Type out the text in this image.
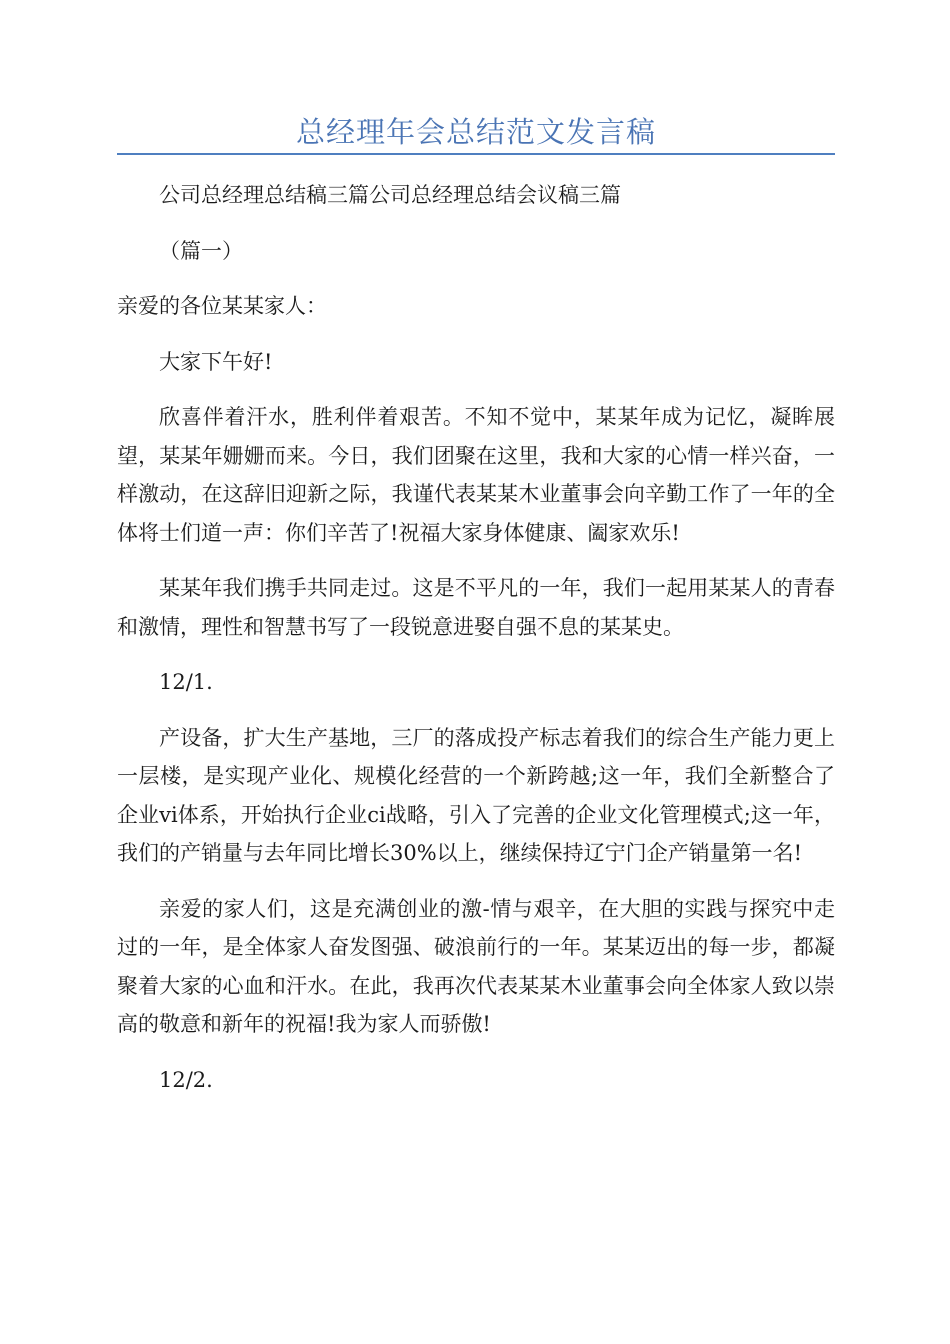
总经理年会总结范文发言稿

公司总经理总结稿三篇公司总经理总结会议稿三篇

（篇一）

亲爱的各位某某家人：

大家下午好!

欣喜伴着汗水，胜利伴着艰苦。不知不觉中，某某年成为记忆，凝眸展望，某某年姗姗而来。今日，我们团聚在这里，我和大家的心情一样兴奋，一样激动，在这辞旧迎新之际，我谨代表某某木业董事会向辛勤工作了一年的全体将士们道一声：你们辛苦了!祝福大家身体健康、阖家欢乐!

某某年我们携手共同走过。这是不平凡的一年，我们一起用某某人的青春和激情，理性和智慧书写了一段锐意进娶自强不息的某某史。

12/1.

产设备，扩大生产基地，三厂的落成投产标志着我们的综合生产能力更上一层楼，是实现产业化、规模化经营的一个新跨越;这一年，我们全新整合了企业vi体系，开始执行企业ci战略，引入了完善的企业文化管理模式;这一年，我们的产销量与去年同比增长30%以上，继续保持辽宁门企产销量第一名!

亲爱的家人们，这是充满创业的激-情与艰辛，在大胆的实践与探究中走过的一年，是全体家人奋发图强、破浪前行的一年。某某迈出的每一步，都凝聚着大家的心血和汗水。在此，我再次代表某某木业董事会向全体家人致以崇高的敬意和新年的祝福!我为家人而骄傲!

12/2.
